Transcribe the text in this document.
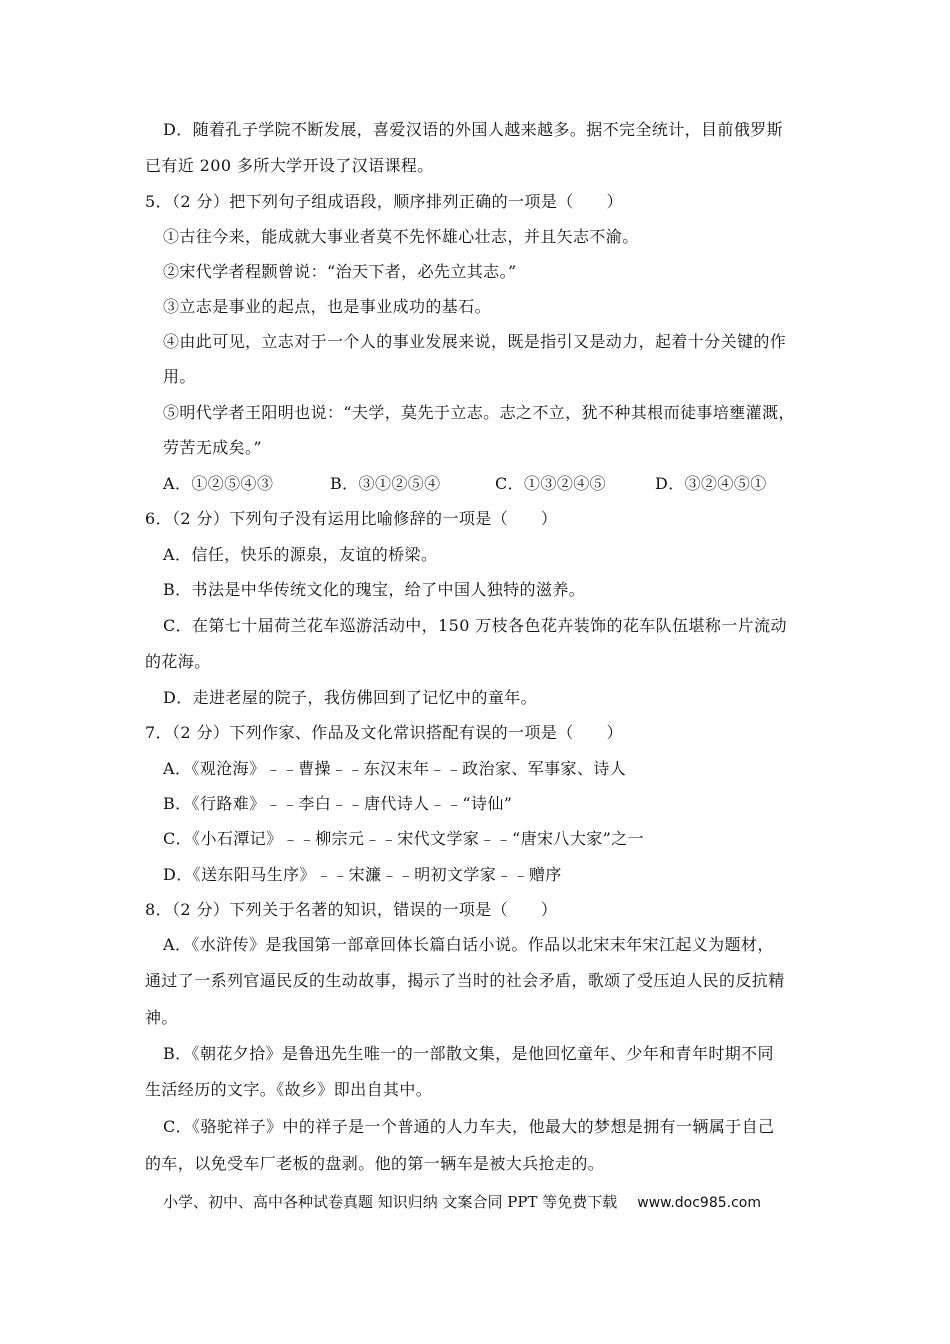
D．随着孔子学院不断发展，喜爱汉语的外国人越来越多。据不完全统计，目前俄罗斯
已有近 200 多所大学开设了汉语课程。
5．（2 分）把下列句子组成语段，顺序排列正确的一项是（　　）
①古往今来，能成就大事业者莫不先怀雄心壮志，并且矢志不渝。
②宋代学者程颢曾说：“治天下者，必先立其志。”
③立志是事业的起点，也是事业成功的基石。
④由此可见，立志对于一个人的事业发展来说，既是指引又是动力，起着十分关键的作
用。
⑤明代学者王阳明也说：“夫学，莫先于立志。志之不立，犹不种其根而徒事培壅灌溉，
劳苦无成矣。”
A．①②⑤④③	B．③①②⑤④	C．①③②④⑤	D．③②④⑤①
6．（2 分）下列句子没有运用比喻修辞的一项是（　　）
A．信任，快乐的源泉，友谊的桥梁。
B．书法是中华传统文化的瑰宝，给了中国人独特的滋养。
C．在第七十届荷兰花车巡游活动中，150 万枝各色花卉装饰的花车队伍堪称一片流动
的花海。
D．走进老屋的院子，我仿佛回到了记忆中的童年。
7．（2 分）下列作家、作品及文化常识搭配有误的一项是（　　）
A．《观沧海》﹣﹣曹操﹣﹣东汉末年﹣﹣政治家、军事家、诗人
B．《行路难》﹣﹣李白﹣﹣唐代诗人﹣﹣“诗仙”
C．《小石潭记》﹣﹣柳宗元﹣﹣宋代文学家﹣﹣“唐宋八大家”之一
D．《送东阳马生序》﹣﹣宋濂﹣﹣明初文学家﹣﹣赠序
8．（2 分）下列关于名著的知识，错误的一项是（　　）
A．《水浒传》是我国第一部章回体长篇白话小说。作品以北宋末年宋江起义为题材，
通过了一系列官逼民反的生动故事，揭示了当时的社会矛盾，歌颂了受压迫人民的反抗精
神。
B．《朝花夕拾》是鲁迅先生唯一的一部散文集，是他回忆童年、少年和青年时期不同
生活经历的文字。《故乡》即出自其中。
C．《骆驼祥子》中的祥子是一个普通的人力车夫，他最大的梦想是拥有一辆属于自己
的车，以免受车厂老板的盘剥。他的第一辆车是被大兵抢走的。
小学、初中、高中各种试卷真题 知识归纳 文案合同 PPT 等免费下载 www.doc985.com
